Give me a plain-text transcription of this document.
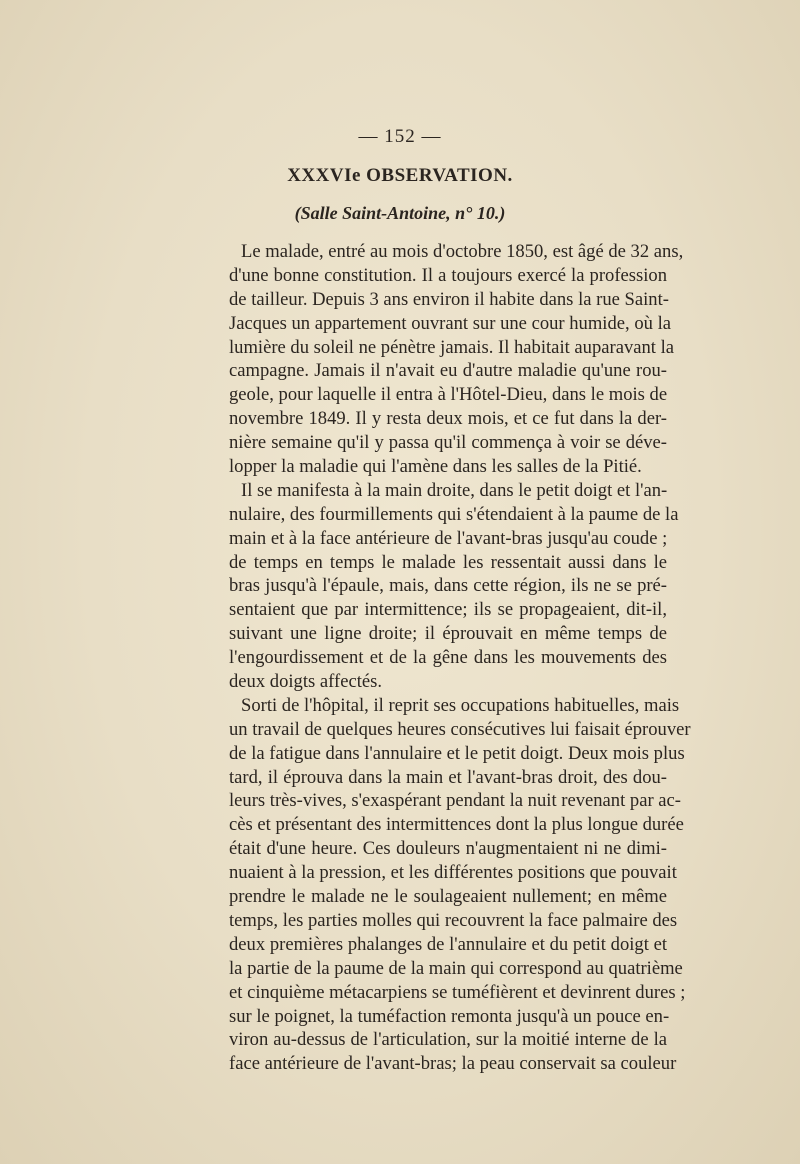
— 152 —
XXXVIe OBSERVATION.
(Salle Saint-Antoine, n° 10.)
Le malade, entré au mois d'octobre 1850, est âgé de 32 ans,
d'une bonne constitution. Il a toujours exercé la profession
de tailleur. Depuis 3 ans environ il habite dans la rue Saint-
Jacques un appartement ouvrant sur une cour humide, où la
lumière du soleil ne pénètre jamais. Il habitait auparavant la
campagne. Jamais il n'avait eu d'autre maladie qu'une rou-
geole, pour laquelle il entra à l'Hôtel-Dieu, dans le mois de
novembre 1849. Il y resta deux mois, et ce fut dans la der-
nière semaine qu'il y passa qu'il commença à voir se déve-
lopper la maladie qui l'amène dans les salles de la Pitié.
Il se manifesta à la main droite, dans le petit doigt et l'an-
nulaire, des fourmillements qui s'étendaient à la paume de la
main et à la face antérieure de l'avant-bras jusqu'au coude ;
de temps en temps le malade les ressentait aussi dans le
bras jusqu'à l'épaule, mais, dans cette région, ils ne se pré-
sentaient que par intermittence; ils se propageaient, dit-il,
suivant une ligne droite; il éprouvait en même temps de
l'engourdissement et de la gêne dans les mouvements des
deux doigts affectés.
Sorti de l'hôpital, il reprit ses occupations habituelles, mais
un travail de quelques heures consécutives lui faisait éprouver
de la fatigue dans l'annulaire et le petit doigt. Deux mois plus
tard, il éprouva dans la main et l'avant-bras droit, des dou-
leurs très-vives, s'exaspérant pendant la nuit revenant par ac-
cès et présentant des intermittences dont la plus longue durée
était d'une heure. Ces douleurs n'augmentaient ni ne dimi-
nuaient à la pression, et les différentes positions que pouvait
prendre le malade ne le soulageaient nullement; en même
temps, les parties molles qui recouvrent la face palmaire des
deux premières phalanges de l'annulaire et du petit doigt et
la partie de la paume de la main qui correspond au quatrième
et cinquième métacarpiens se tuméfièrent et devinrent dures ;
sur le poignet, la tuméfaction remonta jusqu'à un pouce en-
viron au-dessus de l'articulation, sur la moitié interne de la
face antérieure de l'avant-bras; la peau conservait sa couleur
